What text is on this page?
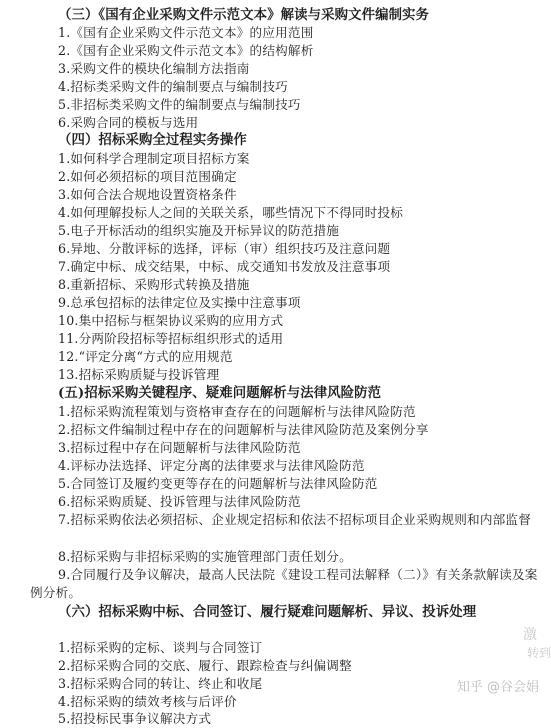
（三）《国有企业采购文件示范文本》解读与采购文件编制实务
1.《国有企业采购文件示范文本》的应用范围
2.《国有企业采购文件示范文本》的结构解析
3.采购文件的模块化编制方法指南
4.招标类采购文件的编制要点与编制技巧
5.非招标类采购文件的编制要点与编制技巧
6.采购合同的模板与选用
（四）招标采购全过程实务操作
1.如何科学合理制定项目招标方案
2.如何必须招标的项目范围确定
3.如何合法合规地设置资格条件
4.如何理解投标人之间的关联关系，哪些情况下不得同时投标
5.电子开标活动的组织实施及开标异议的防范措施
6.异地、分散评标的选择，评标（审）组织技巧及注意问题
7.确定中标、成交结果，中标、成交通知书发放及注意事项
8.重新招标、采购形式转换及措施
9.总承包招标的法律定位及实操中注意事项
10.集中招标与框架协议采购的应用方式
11.分两阶段招标等招标组织形式的适用
12.“评定分离“方式的应用规范
13.招标采购质疑与投诉管理
(五)招标采购关键程序、疑难问题解析与法律风险防范
1.招标采购流程策划与资格审查存在的问题解析与法律风险防范
2.招标文件编制过程中存在的问题解析与法律风险防范及案例分享
3.招标过程中存在问题解析与法律风险防范
4.评标办法选择、评定分离的法律要求与法律风险防范
5.合同签订及履约变更等存在的问题解析与法律风险防范
6.招标采购质疑、投诉管理与法律风险防范
7.招标采购依法必须招标、企业规定招标和依法不招标项目企业采购规则和内部监督
8.招标采购与非招标采购的实施管理部门责任划分。
9.合同履行及争议解决，最高人民法院《建设工程司法解释（二）》有关条款解读及案例分析。
（六）招标采购中标、合同签订、履行疑难问题解析、异议、投诉处理
1.招标采购的定标、谈判与合同签订
2.招标采购合同的交底、履行、跟踪检查与纠偏调整
3.招标采购合同的转让、终止和收尾
4.招标采购的绩效考核与后评价
5.招投标民事争议解决方式
激
转到
知乎 @谷会娟
